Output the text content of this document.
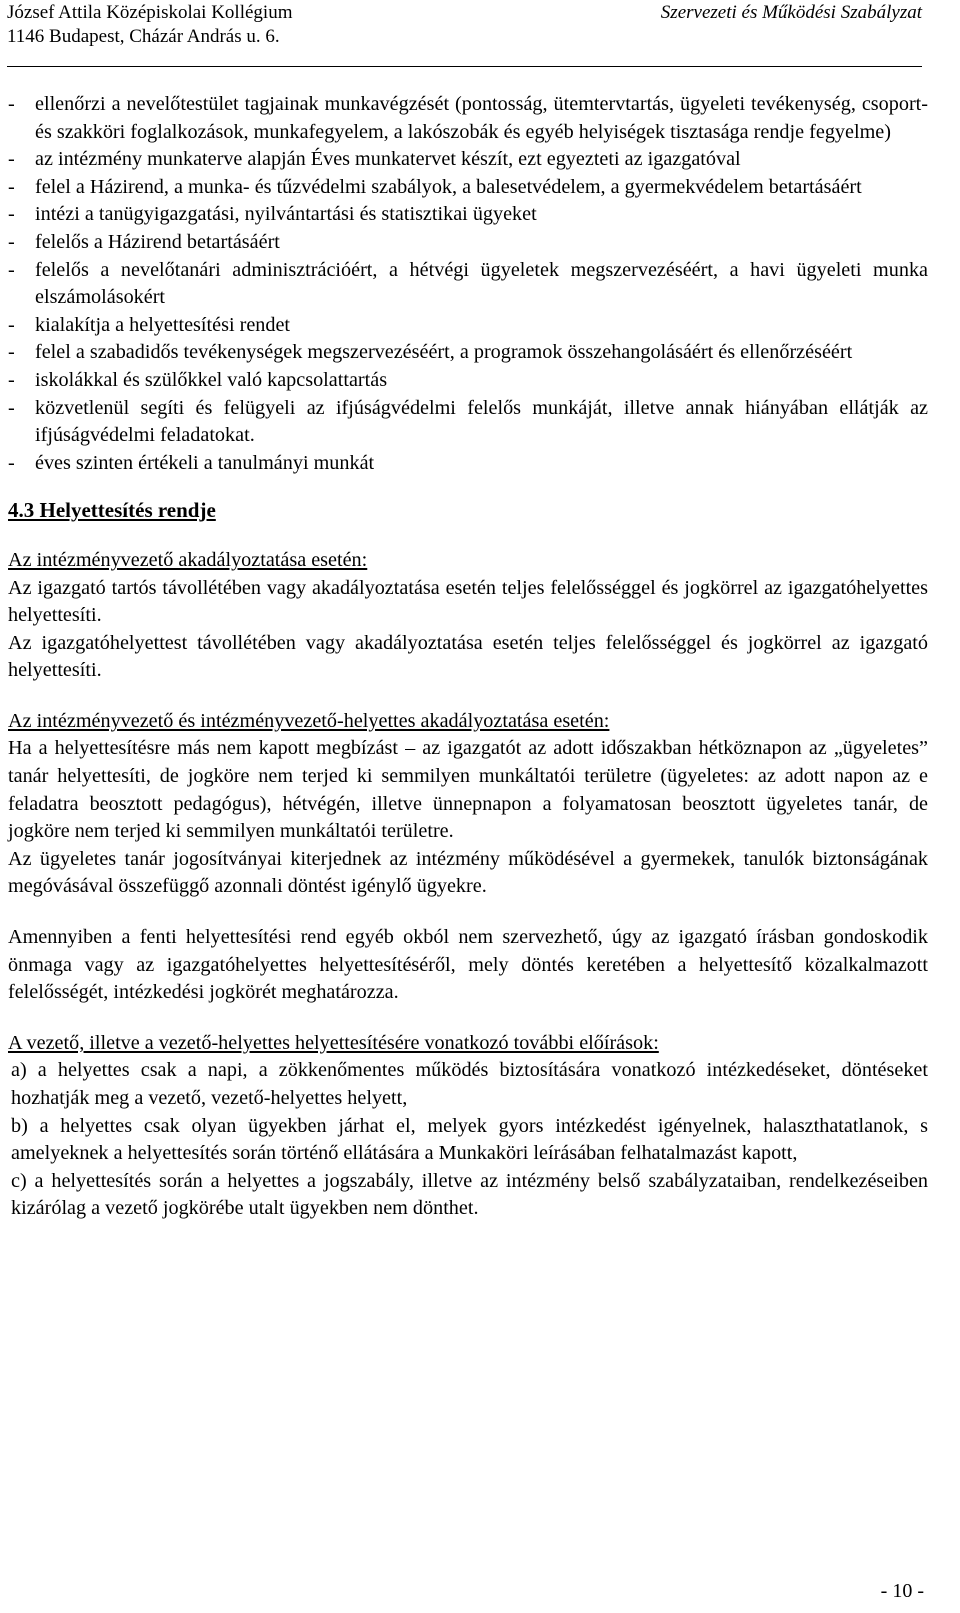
József Attila Középiskolai Kollégium
1146 Budapest, Cházár András u. 6.
Szervezeti és Működési Szabályzat
-	ellenőrzi a nevelőtestület tagjainak munkavégzését (pontosság, ütemtervtartás, ügyeleti tevékenység, csoport- és szakköri foglalkozások, munkafegyelem, a lakószobák és egyéb helyiségek tisztasága rendje fegyelme)
-	az intézmény munkaterve alapján Éves munkatervet készít, ezt egyezteti az igazgatóval
-	felel a Házirend, a munka- és tűzvédelmi szabályok, a balesetvédelem, a gyermekvédelem betartásáért
-	intézi a tanügyigazgatási, nyilvántartási és statisztikai ügyeket
-	felelős a Házirend betartásáért
-	felelős a nevelőtanári adminisztrációért, a hétvégi ügyeletek megszervezéséért, a havi ügyeleti munka elszámolásokért
-	kialakítja a helyettesítési rendet
-	felel a szabadidős tevékenységek megszervezéséért, a programok összehangolásáért és ellenőrzéséért
-	iskolákkal és szülőkkel való kapcsolattartás
-	közvetlenül segíti és felügyeli az ifjúságvédelmi felelős munkáját, illetve annak hiányában ellátják az ifjúságvédelmi feladatokat.
-	éves szinten értékeli a tanulmányi munkát
4.3 Helyettesítés rendje
Az intézményvezető akadályoztatása esetén:
Az igazgató tartós távollétében vagy akadályoztatása esetén teljes felelősséggel és jogkörrel az igazgatóhelyettes helyettesíti.
Az igazgatóhelyettest távollétében vagy akadályoztatása esetén teljes felelősséggel és jogkörrel az igazgató helyettesíti.
Az intézményvezető és intézményvezető-helyettes akadályoztatása esetén:
Ha a helyettesítésre más nem kapott megbízást – az igazgatót az adott időszakban hétköznapon az „ügyeletes” tanár helyettesíti, de jogköre nem terjed ki semmilyen munkáltatói területre (ügyeletes: az adott napon az e feladatra beosztott pedagógus), hétvégén, illetve ünnepnapon a folyamatosan beosztott ügyeletes tanár, de jogköre nem terjed ki semmilyen munkáltatói területre.
Az ügyeletes tanár jogosítványai kiterjednek az intézmény működésével a gyermekek, tanulók biztonságának megóvásával összefüggő azonnali döntést igénylő ügyekre.
Amennyiben a fenti helyettesítési rend egyéb okból nem szervezhető, úgy az igazgató írásban gondoskodik önmaga vagy az igazgatóhelyettes helyettesítéséről, mely döntés keretében a helyettesítő közalkalmazott felelősségét, intézkedési jogkörét meghatározza.
A vezető, illetve a vezető-helyettes helyettesítésére vonatkozó további előírások:
a) a helyettes csak a napi, a zökkenőmentes működés biztosítására vonatkozó intézkedéseket, döntéseket hozhatják meg a vezető, vezető-helyettes helyett,
b) a helyettes csak olyan ügyekben járhat el, melyek gyors intézkedést igényelnek, halaszthatatlanok, s amelyeknek a helyettesítés során történő ellátására a Munkaköri leírásában felhatalmazást kapott,
c) a helyettesítés során a helyettes a jogszabály, illetve az intézmény belső szabályzataiban, rendelkezéseiben kizárólag a vezető jogkörébe utalt ügyekben nem dönthet.
- 10 -
